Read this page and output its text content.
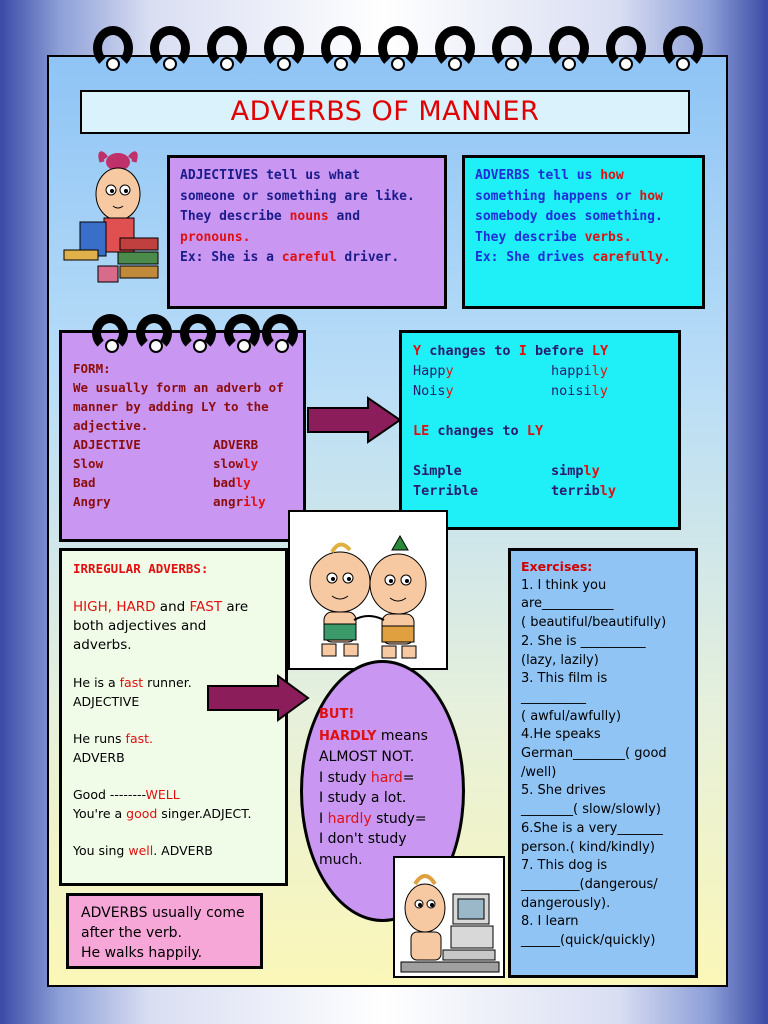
ADVERBS OF MANNER
ADJECTIVES tell us what
someone or something are like.
They describe nouns and
pronouns.
Ex: She is a careful driver.
ADVERBS tell us how
something happens or how
somebody does something.
They describe verbs.
Ex: She drives carefully.
FORM:
We usually form an adverb of
manner by adding LY to the
adjective.
ADJECTIVE	ADVERB
Slow	slowly
Bad	badly
Angry	angrily
Y changes to I before LY
Happy	happily
Noisy	noisily
LE changes to LY
Simple	simply
Terrible	terribly
IRREGULAR ADVERBS:
HIGH, HARD and FAST are
both adjectives and
adverbs.
He is a fast runner.
ADJECTIVE
He runs fast.
ADVERB
Good --------WELL
You're a good singer.ADJECT.
You sing well. ADVERB
BUT!
HARDLY means
ALMOST NOT.
I study hard=
I study a lot.
I hardly study=
I don't study
much.
Exercises:
1. I think you
are___________
( beautiful/beautifully)
2. She is __________
(lazy, lazily)
3. This film is
__________
( awful/awfully)
4.He speaks
German________( good
/well)
5. She drives
________( slow/slowly)
6.She is a very_______
person.( kind/kindly)
7. This dog is
_________(dangerous/
dangerously).
8. I learn
______(quick/quickly)
ADVERBS usually come
after the verb.
He walks happily.
